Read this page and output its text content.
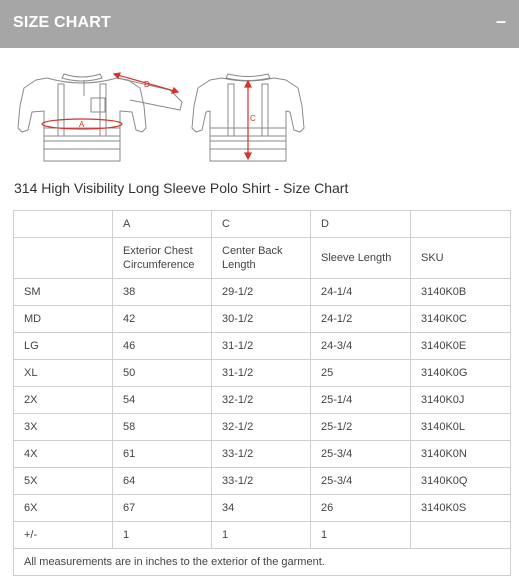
SIZE CHART	–
D
A
C
314 High Visibility Long Sleeve Polo Shirt - Size Chart
	A	C	D	
	Exterior Chest Circumference	Center Back Length	Sleeve Length	SKU
SM	38	29-1/2	24-1/4	3140K0B
MD	42	30-1/2	24-1/2	3140K0C
LG	46	31-1/2	24-3/4	3140K0E
XL	50	31-1/2	25	3140K0G
2X	54	32-1/2	25-1/4	3140K0J
3X	58	32-1/2	25-1/2	3140K0L
4X	61	33-1/2	25-3/4	3140K0N
5X	64	33-1/2	25-3/4	3140K0Q
6X	67	34	26	3140K0S
+/-	1	1	1	
All measurements are in inches to the exterior of the garment.				
